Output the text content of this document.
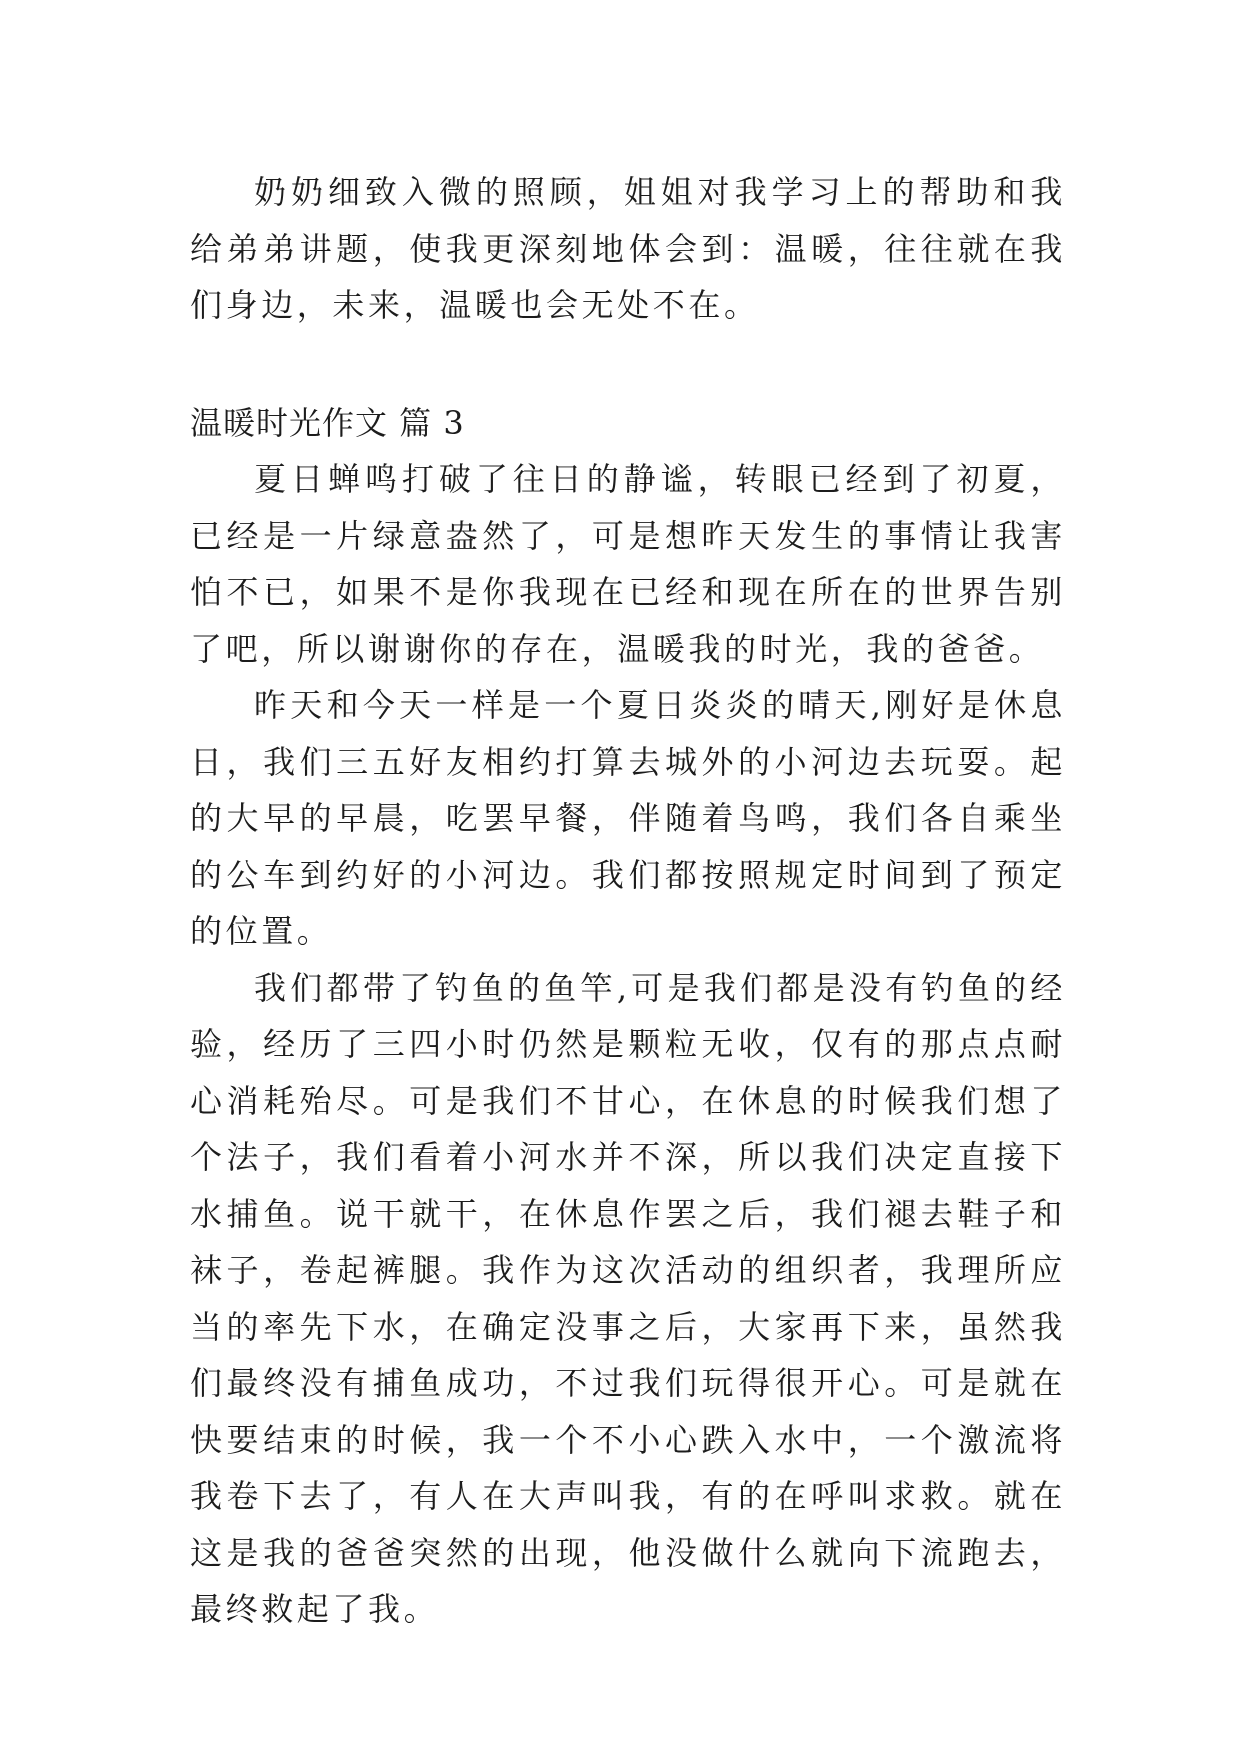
奶奶细致入微的照顾，姐姐对我学习上的帮助和我给弟弟讲题，使我更深刻地体会到：温暖，往往就在我们身边，未来，温暖也会无处不在。

温暖时光作文 篇 3

夏日蝉鸣打破了往日的静谧，转眼已经到了初夏，已经是一片绿意盎然了，可是想昨天发生的事情让我害怕不已，如果不是你我现在已经和现在所在的世界告别了吧，所以谢谢你的存在，温暖我的时光，我的爸爸。

昨天和今天一样是一个夏日炎炎的晴天,刚好是休息日，我们三五好友相约打算去城外的小河边去玩耍。起的大早的早晨，吃罢早餐，伴随着鸟鸣，我们各自乘坐的公车到约好的小河边。我们都按照规定时间到了预定的位置。

我们都带了钓鱼的鱼竿,可是我们都是没有钓鱼的经验，经历了三四小时仍然是颗粒无收，仅有的那点点耐心消耗殆尽。可是我们不甘心，在休息的时候我们想了个法子，我们看着小河水并不深，所以我们决定直接下水捕鱼。说干就干，在休息作罢之后，我们褪去鞋子和袜子，卷起裤腿。我作为这次活动的组织者，我理所应当的率先下水，在确定没事之后，大家再下来，虽然我们最终没有捕鱼成功，不过我们玩得很开心。可是就在快要结束的时候，我一个不小心跌入水中，一个激流将我卷下去了，有人在大声叫我，有的在呼叫求救。就在这是我的爸爸突然的出现，他没做什么就向下流跑去，最终救起了我。
